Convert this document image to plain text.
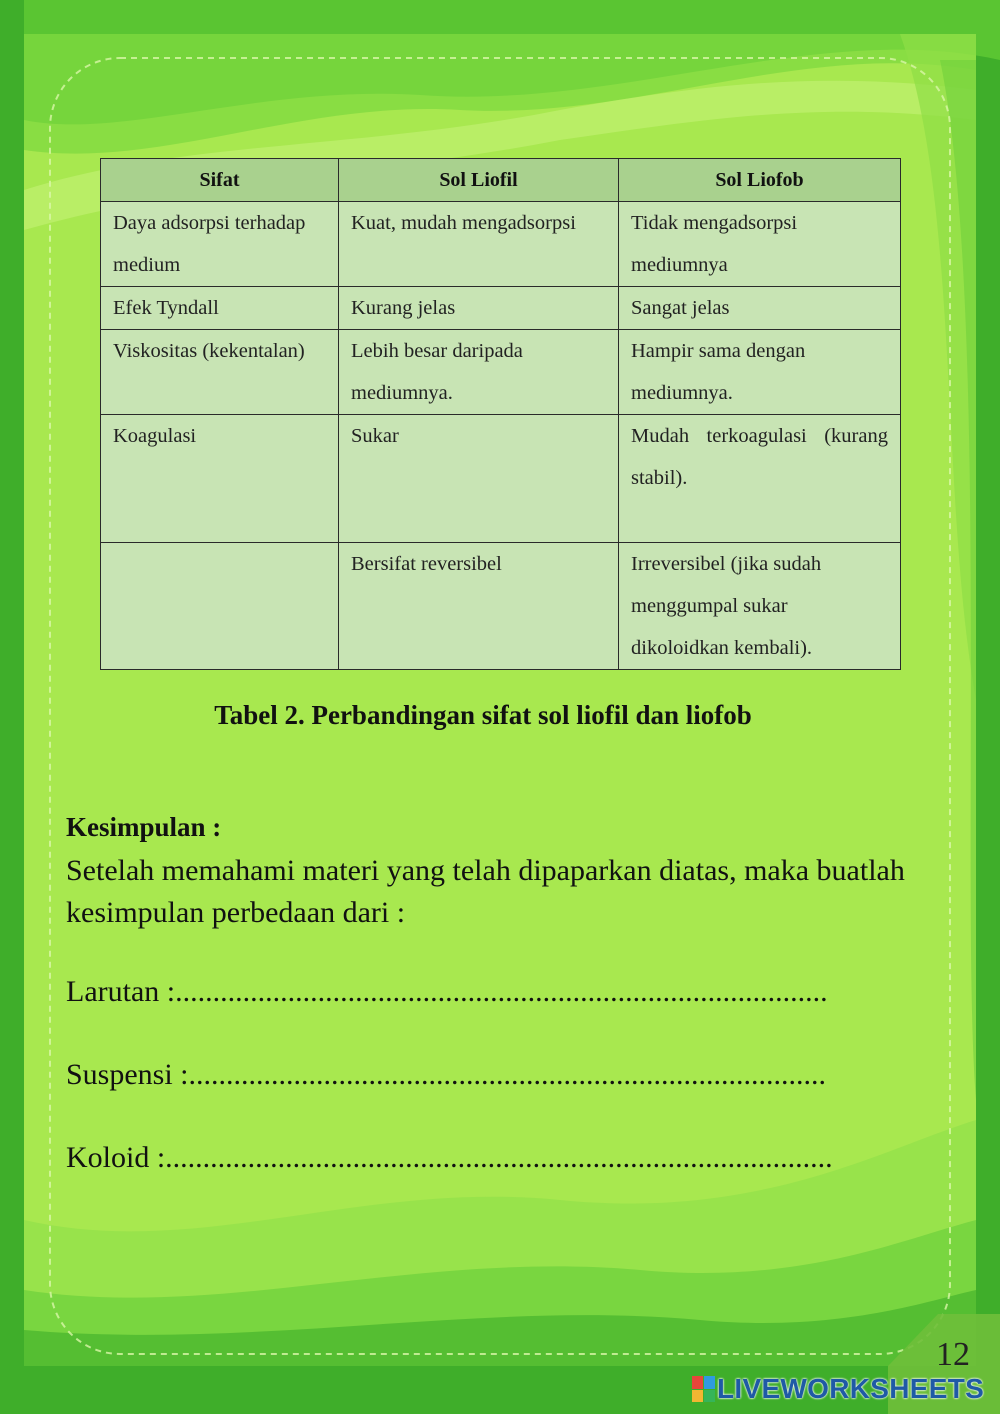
Sifat	Sol Liofil	Sol Liofob
Daya adsorpsi terhadap medium	Kuat, mudah mengadsorpsi	Tidak mengadsorpsi mediumnya
Efek Tyndall	Kurang jelas	Sangat jelas
Viskositas (kekentalan)	Lebih besar daripada mediumnya.	Hampir sama dengan mediumnya.
Koagulasi	Sukar	Mudah terkoagulasi (kurang stabil).
	Bersifat reversibel	Irreversibel (jika sudah menggumpal sukar dikoloidkan kembali).
Tabel 2. Perbandingan sifat sol liofil dan liofob
Kesimpulan :
Setelah memahami materi yang telah dipaparkan diatas, maka buatlah kesimpulan perbedaan dari :
Larutan :.......................................................................................
Suspensi :.....................................................................................
Koloid :.........................................................................................
12
LIVEWORKSHEETS
